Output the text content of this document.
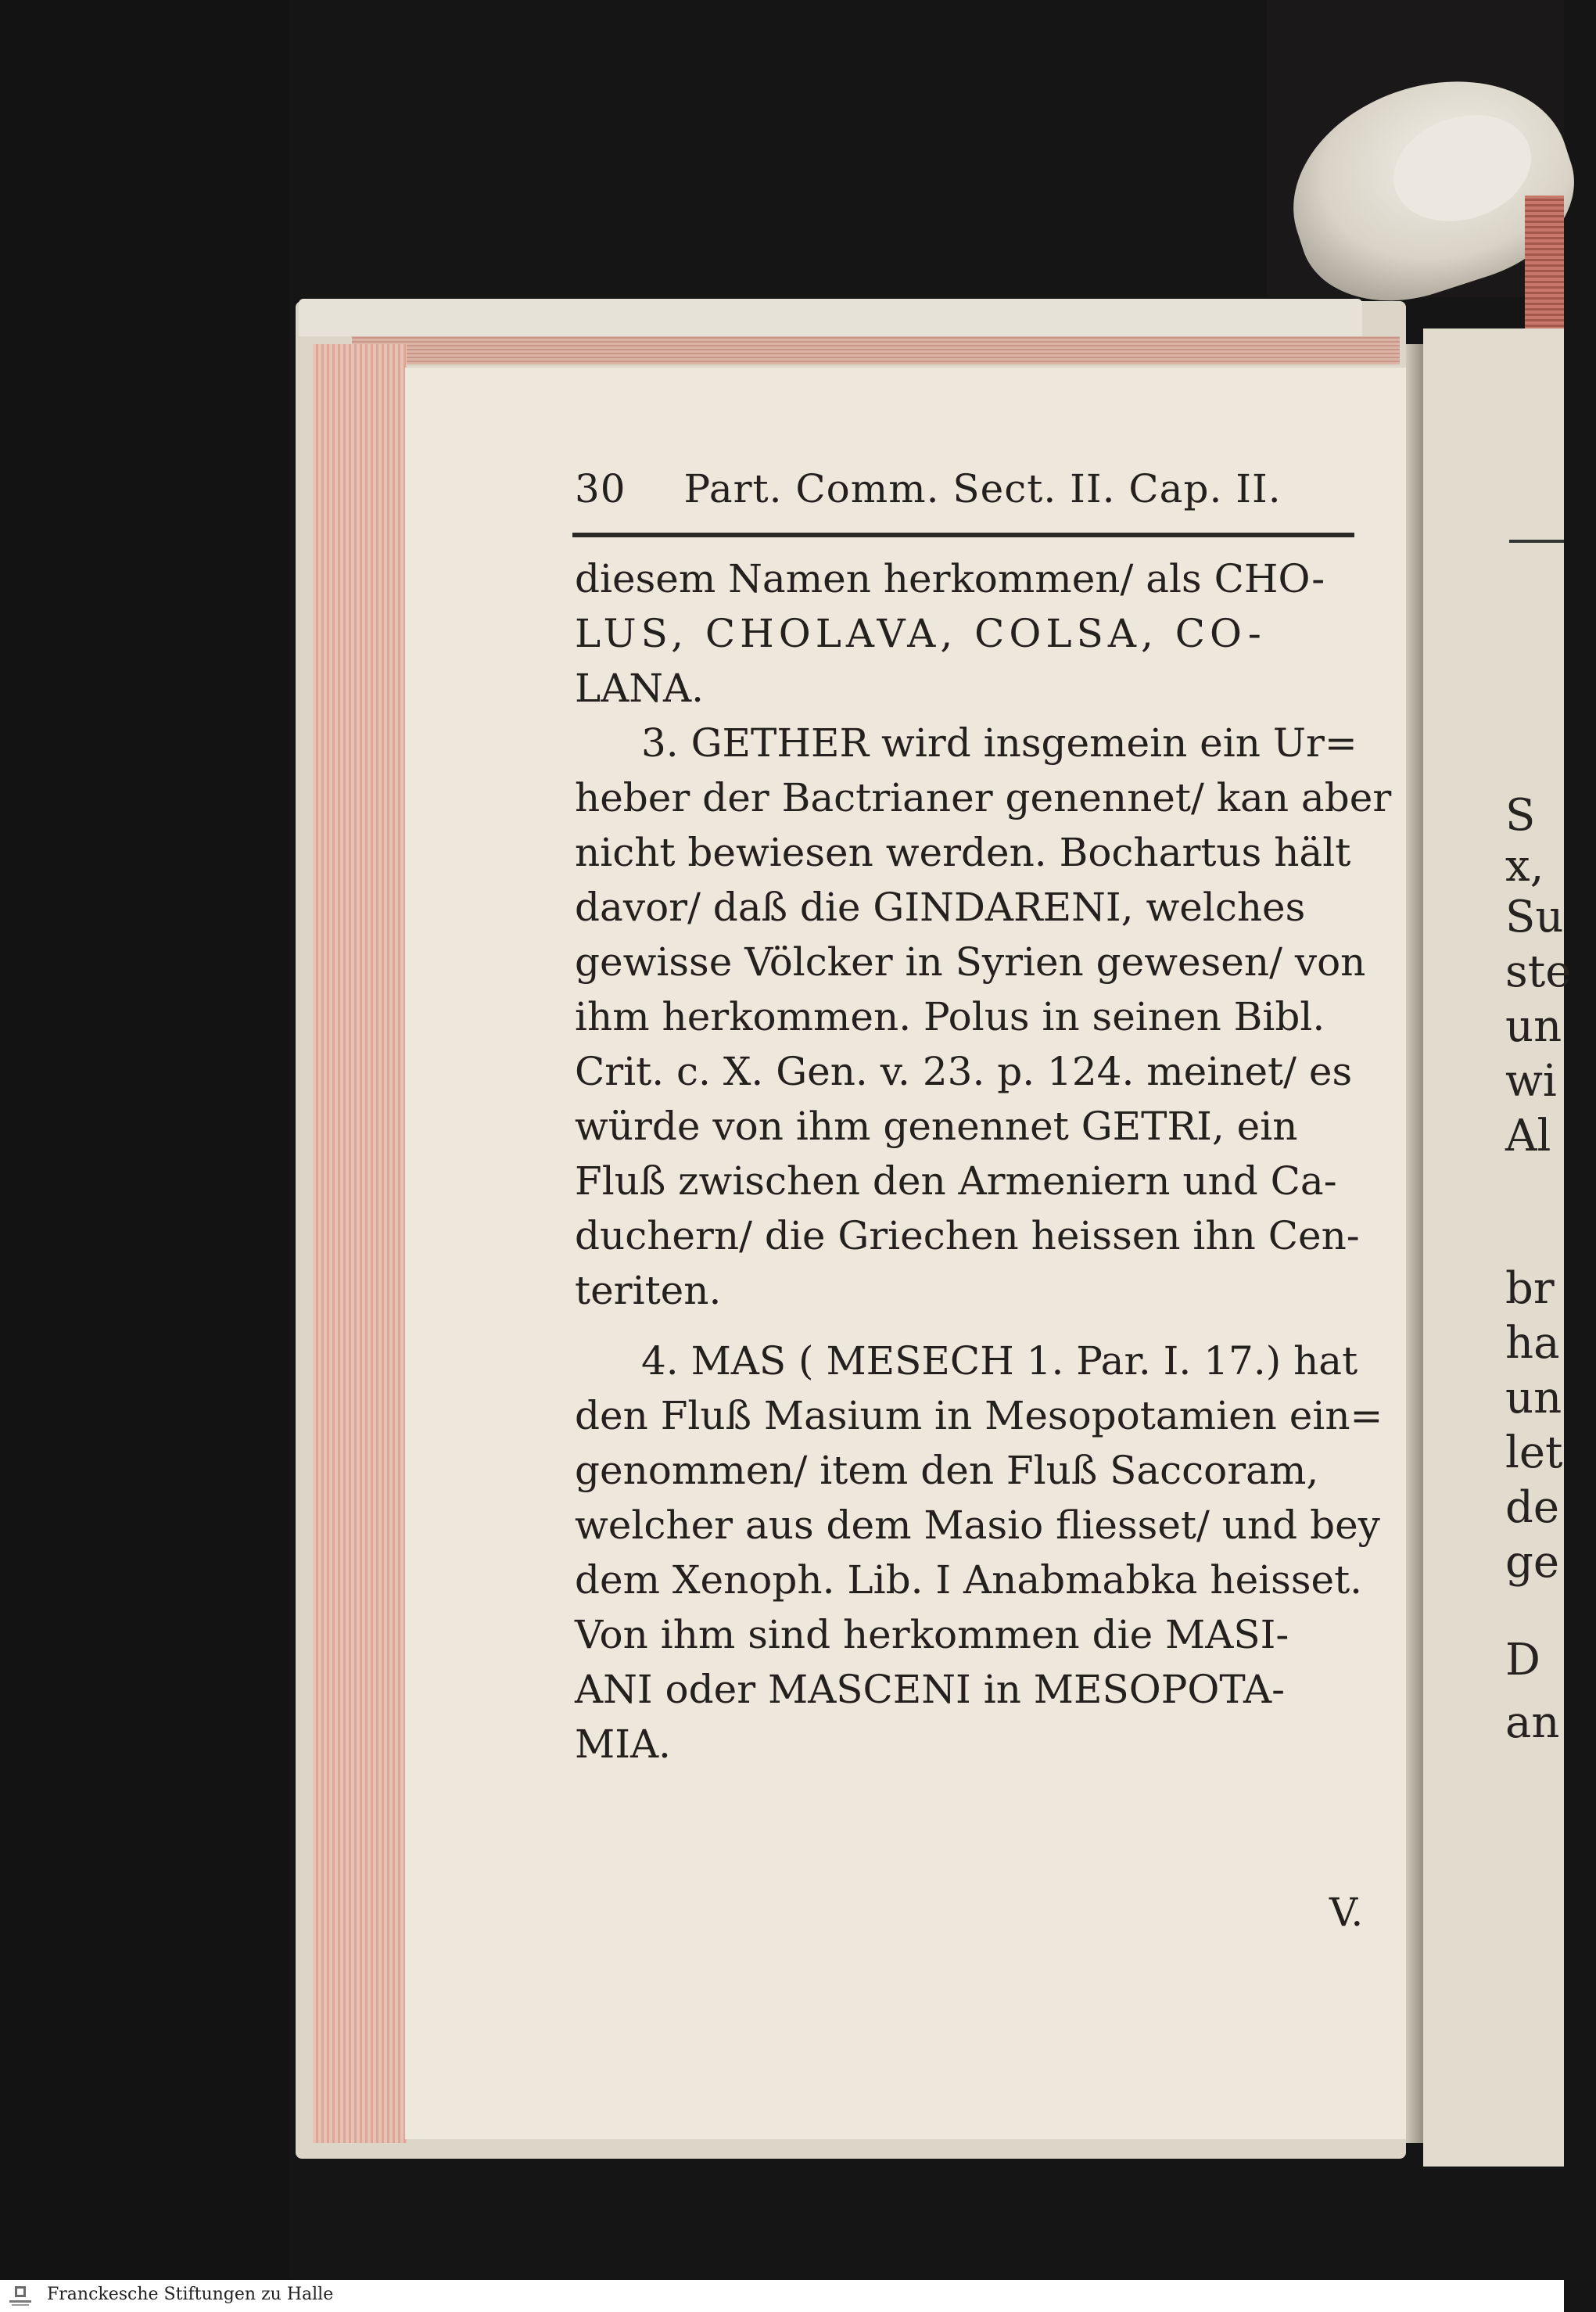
S
x,
Su
ste
un
wi
Al
br
ha
un
let
de
ge
D
an
30 Part. Comm. Sect. II. Cap. II.
diesem Namen herkommen/ als CHO-
LUS, CHOLAVA, COLSA, CO-
LANA.
3. GETHER wird insgemein ein Ur=
heber der Bactrianer genennet/ kan aber
nicht bewiesen werden. Bochartus hält
davor/ daß die GINDARENI, welches
gewisse Völcker in Syrien gewesen/ von
ihm herkommen. Polus in seinen Bibl.
Crit. c. X. Gen. v. 23. p. 124. meinet/ es
würde von ihm genennet GETRI, ein
Fluß zwischen den Armeniern und Ca-
duchern/ die Griechen heissen ihn Cen-
teriten.
4. MAS ( MESECH 1. Par. I. 17.) hat
den Fluß Masium in Mesopotamien ein=
genommen/ item den Fluß Saccoram,
welcher aus dem Masio fliesset/ und bey
dem Xenoph. Lib. I Anabmabka heisset.
Von ihm sind herkommen die MASI-
ANI oder MASCENI in MESOPOTA-
MIA.
V.
Franckesche Stiftungen zu Halle
